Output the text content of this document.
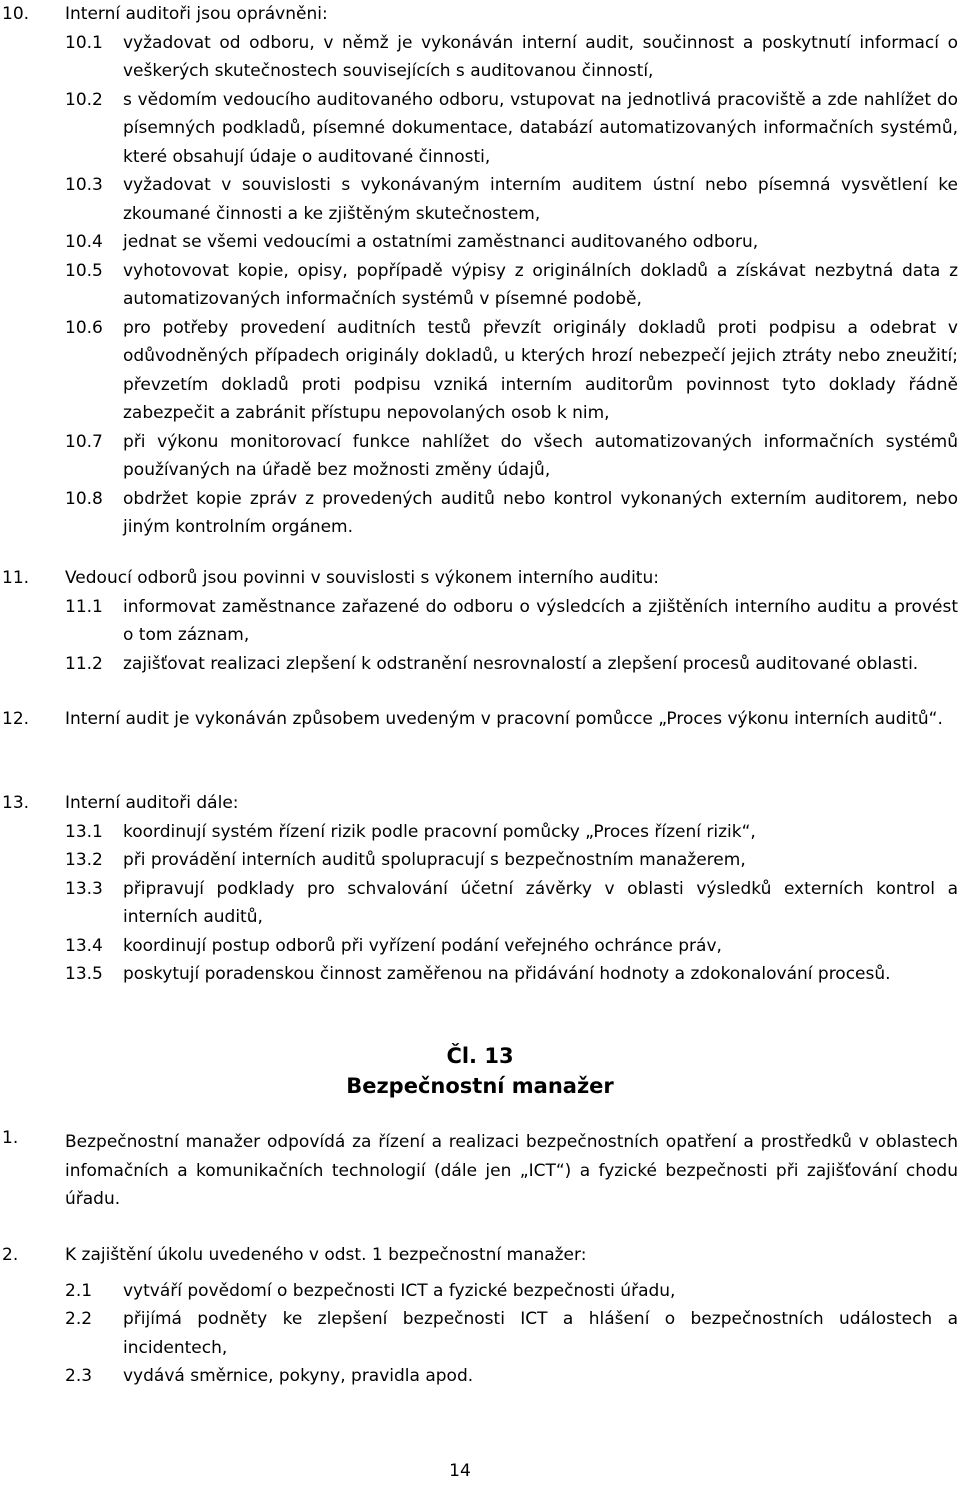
10.	Interní auditoři jsou oprávněni:
10.1	vyžadovat od odboru, v němž je vykonáván interní audit, součinnost a poskytnutí informací o veškerých skutečnostech souvisejících s auditovanou činností,
10.2	s vědomím vedoucího auditovaného odboru, vstupovat na jednotlivá pracoviště a zde nahlížet do písemných podkladů, písemné dokumentace, databází automatizovaných informačních systémů, které obsahují údaje o auditované činnosti,
10.3	vyžadovat v souvislosti s vykonávaným interním auditem ústní nebo písemná vysvětlení ke zkoumané činnosti a ke zjištěným skutečnostem,
10.4	jednat se všemi vedoucími a ostatními zaměstnanci auditovaného odboru,
10.5	vyhotovovat kopie, opisy, popřípadě výpisy z originálních dokladů a získávat nezbytná data z automatizovaných informačních systémů v písemné podobě,
10.6	pro potřeby provedení auditních testů převzít originály dokladů proti podpisu a odebrat v odůvodněných případech originály dokladů, u kterých hrozí nebezpečí jejich ztráty nebo zneužití; převzetím dokladů proti podpisu vzniká interním auditorům povinnost tyto doklady řádně zabezpečit a zabránit přístupu nepovolaných osob k nim,
10.7	při výkonu monitorovací funkce nahlížet do všech automatizovaných informačních systémů používaných na úřadě bez možnosti změny údajů,
10.8	obdržet kopie zpráv z provedených auditů nebo kontrol vykonaných externím auditorem, nebo jiným kontrolním orgánem.
11.	Vedoucí odborů jsou povinni v souvislosti s výkonem interního auditu:
11.1	informovat zaměstnance zařazené do odboru o výsledcích a zjištěních interního auditu a provést o tom záznam,
11.2	zajišťovat realizaci zlepšení k odstranění nesrovnalostí a zlepšení procesů auditované oblasti.
12.	Interní audit je vykonáván způsobem uvedeným v pracovní pomůcce „Proces výkonu interních auditů“.
13.	Interní auditoři dále:
13.1	koordinují systém řízení rizik podle pracovní pomůcky „Proces řízení rizik“,
13.2	při provádění interních auditů spolupracují s bezpečnostním manažerem,
13.3	připravují podklady pro schvalování účetní závěrky v oblasti výsledků externích kontrol a interních auditů,
13.4	koordinují postup odborů při vyřízení podání veřejného ochránce práv,
13.5	poskytují poradenskou činnost zaměřenou na přidávání hodnoty a zdokonalování procesů.
Čl. 13
Bezpečnostní manažer
1.	Bezpečnostní manažer odpovídá za řízení a realizaci bezpečnostních opatření a prostředků v oblastech infomačních a komunikačních technologií (dále jen „ICT“) a fyzické bezpečnosti při zajišťování chodu úřadu.
2.	K zajištění úkolu uvedeného v odst. 1 bezpečnostní manažer:
2.1	vytváří povědomí o bezpečnosti ICT a fyzické bezpečnosti úřadu,
2.2	přijímá podněty ke zlepšení bezpečnosti ICT a hlášení o bezpečnostních událostech a incidentech,
2.3	vydává směrnice, pokyny, pravidla apod.
14
